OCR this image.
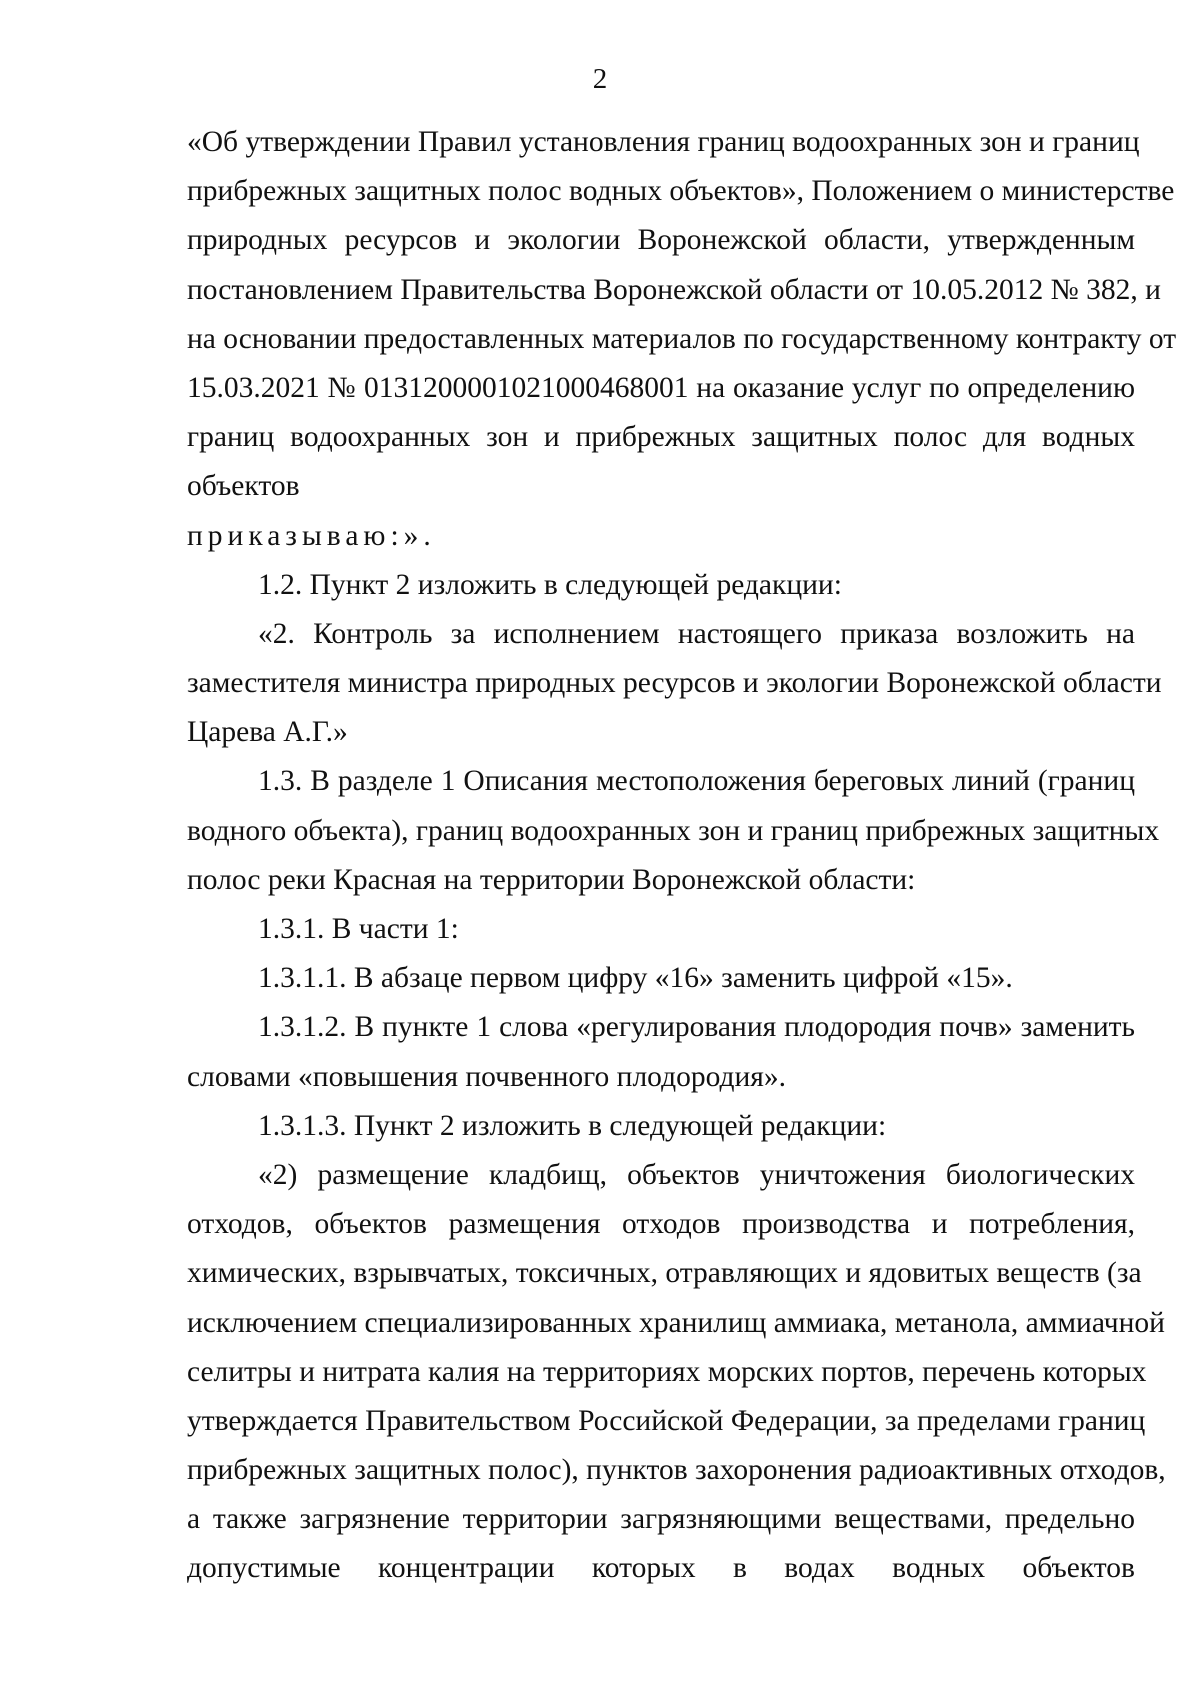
2
«Об утверждении Правил установления границ водоохранных зон и границ
прибрежных защитных полос водных объектов», Положением о министерстве
природных ресурсов и экологии Воронежской области, утвержденным
постановлением Правительства Воронежской области от 10.05.2012 № 382, и
на основании предоставленных материалов по государственному контракту от
15.03.2021 № 0131200001021000468001 на оказание услуг по определению
границ водоохранных зон и прибрежных защитных полос для водных
объектов
приказываю:».
1.2. Пункт 2 изложить в следующей редакции:
«2. Контроль за исполнением настоящего приказа возложить на
заместителя министра природных ресурсов и экологии Воронежской области
Царева А.Г.»
1.3. В разделе 1 Описания местоположения береговых линий (границ
водного объекта), границ водоохранных зон и границ прибрежных защитных
полос реки Красная на территории Воронежской области:
1.3.1. В части 1:
1.3.1.1. В абзаце первом цифру «16» заменить цифрой «15».
1.3.1.2. В пункте 1 слова «регулирования плодородия почв» заменить
словами «повышения почвенного плодородия».
1.3.1.3. Пункт 2 изложить в следующей редакции:
«2) размещение кладбищ, объектов уничтожения биологических
отходов, объектов размещения отходов производства и потребления,
химических, взрывчатых, токсичных, отравляющих и ядовитых веществ (за
исключением специализированных хранилищ аммиака, метанола, аммиачной
селитры и нитрата калия на территориях морских портов, перечень которых
утверждается Правительством Российской Федерации, за пределами границ
прибрежных защитных полос), пунктов захоронения радиоактивных отходов,
а также загрязнение территории загрязняющими веществами, предельно
допустимые концентрации которых в водах водных объектов
